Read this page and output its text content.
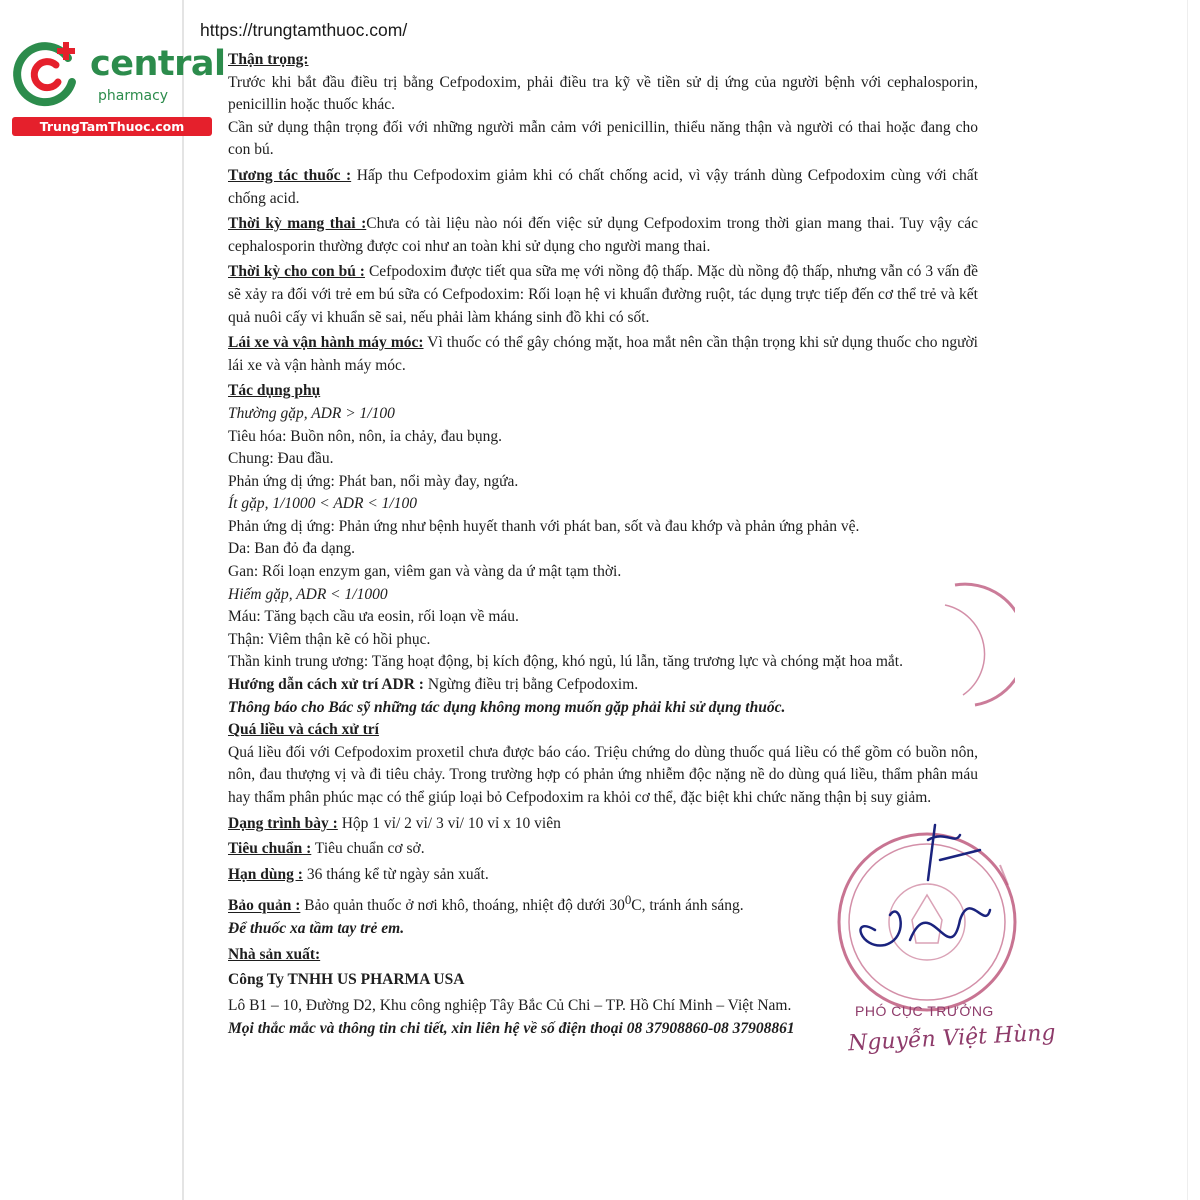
central
pharmacy
TrungTamThuoc.com
https://trungtamthuoc.com/

Thận trọng:

Trước khi bắt đầu điều trị bằng Cefpodoxim, phải điều tra kỹ về tiền sử dị ứng của người bệnh với cephalosporin, penicillin hoặc thuốc khác.

Cần sử dụng thận trọng đối với những người mẫn cảm với penicillin, thiểu năng thận và người có thai hoặc đang cho con bú.

Tương tác thuốc : Hấp thu Cefpodoxim giảm khi có chất chống acid, vì vậy tránh dùng Cefpodoxim cùng với chất chống acid.

Thời kỳ mang thai :Chưa có tài liệu nào nói đến việc sử dụng Cefpodoxim trong thời gian mang thai. Tuy vậy các cephalosporin thường được coi như an toàn khi sử dụng cho người mang thai.

Thời kỳ cho con bú : Cefpodoxim được tiết qua sữa mẹ với nồng độ thấp. Mặc dù nồng độ thấp, nhưng vẫn có 3 vấn đề sẽ xảy ra đối với trẻ em bú sữa có Cefpodoxim: Rối loạn hệ vi khuẩn đường ruột, tác dụng trực tiếp đến cơ thể trẻ và kết quả nuôi cấy vi khuẩn sẽ sai, nếu phải làm kháng sinh đồ khi có sốt.

Lái xe và vận hành máy móc: Vì thuốc có thể gây chóng mặt, hoa mắt nên cần thận trọng khi sử dụng thuốc cho người lái xe và vận hành máy móc.

Tác dụng phụ

Thường gặp, ADR > 1/100

Tiêu hóa: Buồn nôn, nôn, ỉa chảy, đau bụng.

Chung: Đau đầu.

Phản ứng dị ứng: Phát ban, nổi mày đay, ngứa.

Ít gặp, 1/1000 < ADR < 1/100

Phản ứng dị ứng: Phản ứng như bệnh huyết thanh với phát ban, sốt và đau khớp và phản ứng phản vệ.

Da: Ban đỏ đa dạng.

Gan: Rối loạn enzym gan, viêm gan và vàng da ứ mật tạm thời.

Hiếm gặp, ADR < 1/1000

Máu: Tăng bạch cầu ưa eosin, rối loạn về máu.

Thận: Viêm thận kẽ có hồi phục.

Thần kinh trung ương: Tăng hoạt động, bị kích động, khó ngủ, lú lẫn, tăng trương lực và chóng mặt hoa mắt.

Hướng dẫn cách xử trí ADR : Ngừng điều trị bằng Cefpodoxim.

Thông báo cho Bác sỹ những tác dụng không mong muốn gặp phải khi sử dụng thuốc.

Quá liều và cách xử trí

Quá liều đối với Cefpodoxim proxetil chưa được báo cáo. Triệu chứng do dùng thuốc quá liều có thể gồm có buồn nôn, nôn, đau thượng vị và đi tiêu chảy. Trong trường hợp có phản ứng nhiễm độc nặng nề do dùng quá liều, thẩm phân máu hay thẩm phân phúc mạc có thể giúp loại bỏ Cefpodoxim ra khỏi cơ thể, đặc biệt khi chức năng thận bị suy giảm.

Dạng trình bày : Hộp 1 vỉ/ 2 vỉ/ 3 vỉ/ 10 vỉ x 10 viên

Tiêu chuẩn : Tiêu chuẩn cơ sở.

Hạn dùng : 36 tháng kể từ ngày sản xuất.

Bảo quản : Bảo quản thuốc ở nơi khô, thoáng, nhiệt độ dưới $30^0C$, tránh ánh sáng.

Để thuốc xa tầm tay trẻ em.

Nhà sản xuất:

Công Ty TNHH US PHARMA USA

Lô B1 – 10, Đường D2, Khu công nghiệp Tây Bắc Củ Chi – TP. Hồ Chí Minh – Việt Nam.

Mọi thắc mắc và thông tin chi tiết, xin liên hệ về số điện thoại 08 37908860-08 37908861

PHÓ CỤC TRƯỞNG
Nguyễn Việt Hùng
